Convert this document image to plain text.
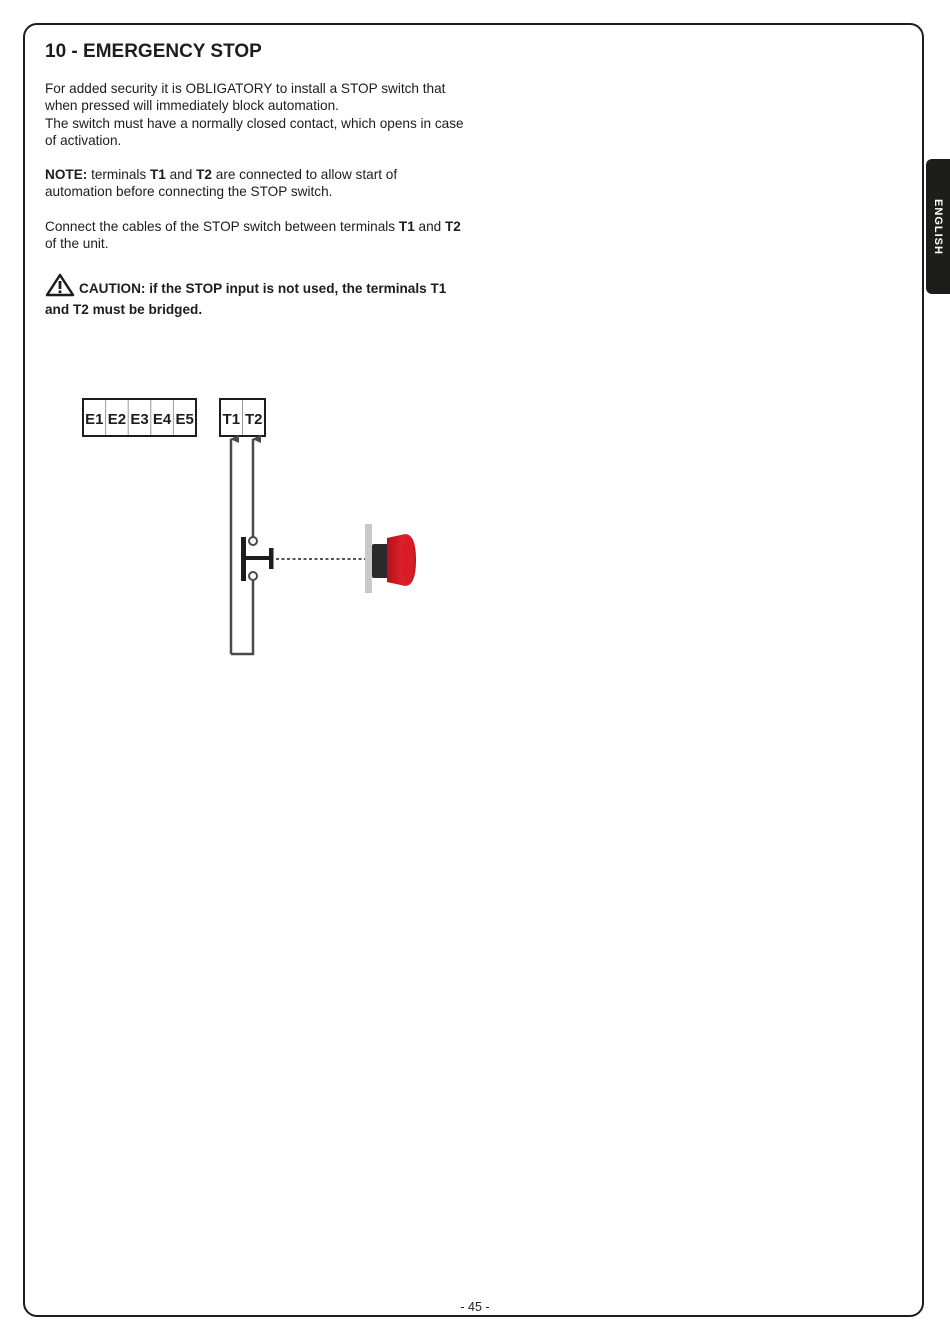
ENGLISH
10 - EMERGENCY STOP
For added security it is OBLIGATORY to install a STOP switch that when pressed will immediately block automation.
The switch must have a normally closed contact, which opens in case of activation.

NOTE: terminals T1 and T2 are connected to allow start of automation before connecting the STOP switch.

Connect the cables of the STOP switch between terminals T1 and T2 of the unit.

CAUTION: if the STOP input is not used, the terminals T1 and T2 must be bridged.

E1 E2 E3 E4 E5 T1 T2
- 45 -
